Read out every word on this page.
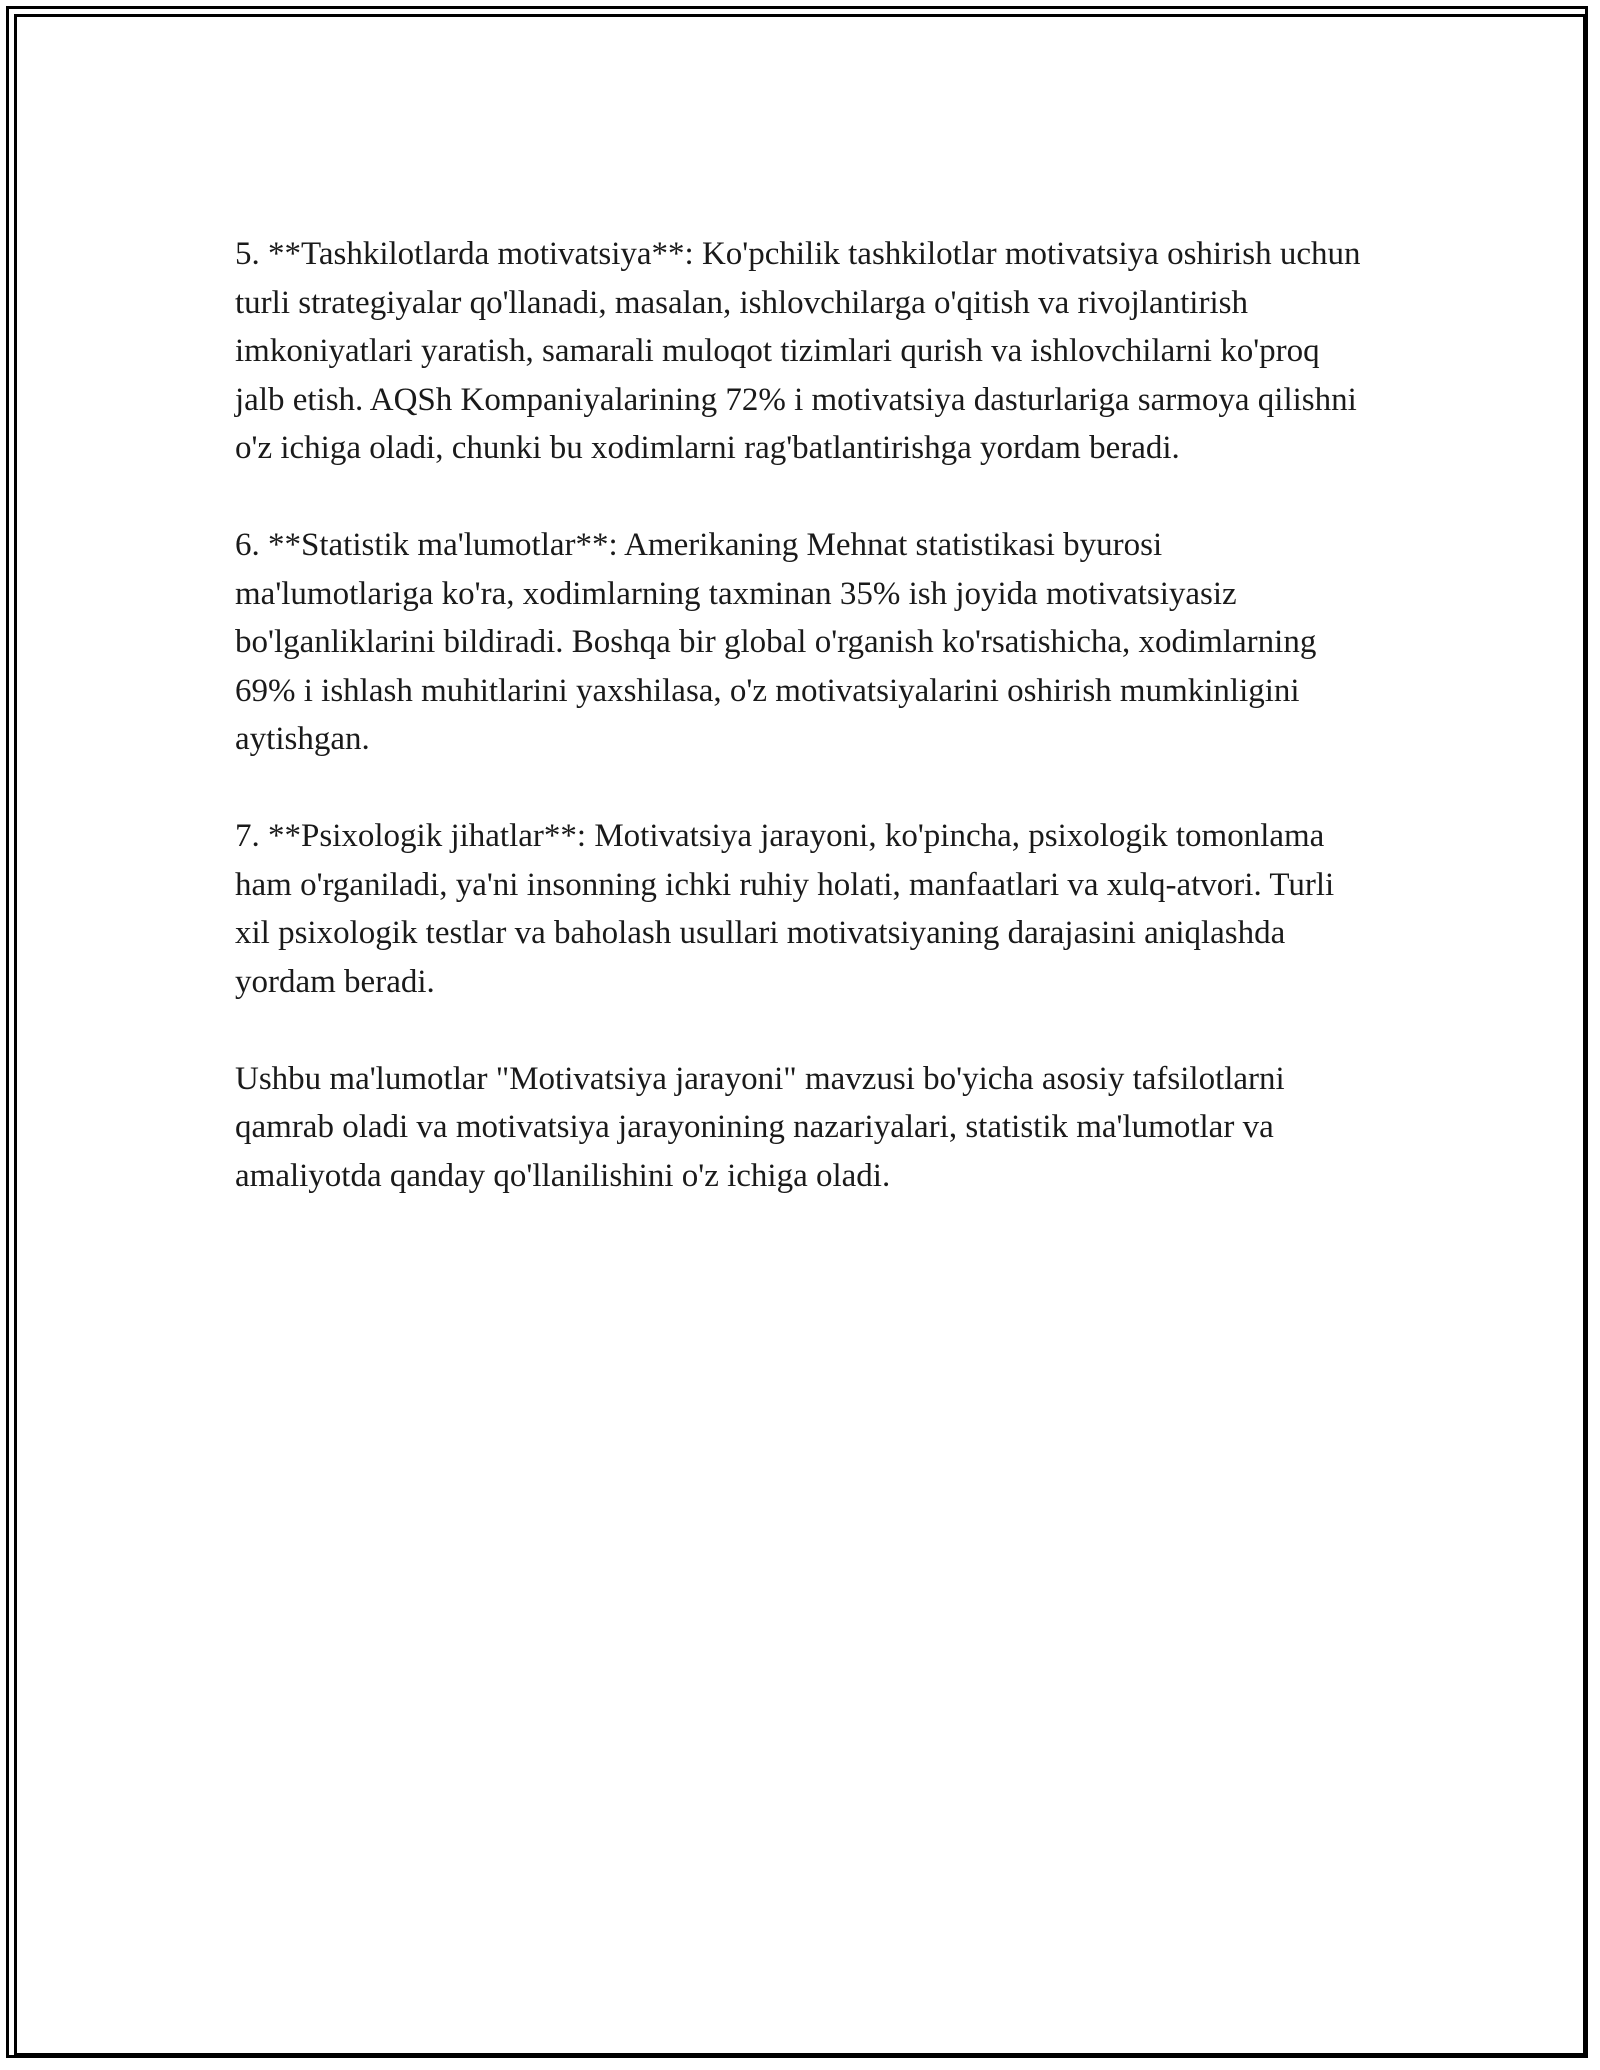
5. **Tashkilotlarda motivatsiya**: Ko'pchilik tashkilotlar motivatsiya oshirish uchun turli strategiyalar qo'llanadi, masalan, ishlovchilarga o'qitish va rivojlantirish imkoniyatlari yaratish, samarali muloqot tizimlari qurish va ishlovchilarni ko'proq jalb etish. AQSh Kompaniyalarining 72% i motivatsiya dasturlariga sarmoya qilishni o'z ichiga oladi, chunki bu xodimlarni rag'batlantirishga yordam beradi.

6. **Statistik ma'lumotlar**: Amerikaning Mehnat statistikasi byurosi ma'lumotlariga ko'ra, xodimlarning taxminan 35% ish joyida motivatsiyasiz bo'lganliklarini bildiradi. Boshqa bir global o'rganish ko'rsatishicha, xodimlarning 69% i ishlash muhitlarini yaxshilasa, o'z motivatsiyalarini oshirish mumkinligini aytishgan.

7. **Psixologik jihatlar**: Motivatsiya jarayoni, ko'pincha, psixologik tomonlama ham o'rganiladi, ya'ni insonning ichki ruhiy holati, manfaatlari va xulq-atvori. Turli xil psixologik testlar va baholash usullari motivatsiyaning darajasini aniqlashda yordam beradi.

Ushbu ma'lumotlar "Motivatsiya jarayoni" mavzusi bo'yicha asosiy tafsilotlarni qamrab oladi va motivatsiya jarayonining nazariyalari, statistik ma'lumotlar va amaliyotda qanday qo'llanilishini o'z ichiga oladi.
